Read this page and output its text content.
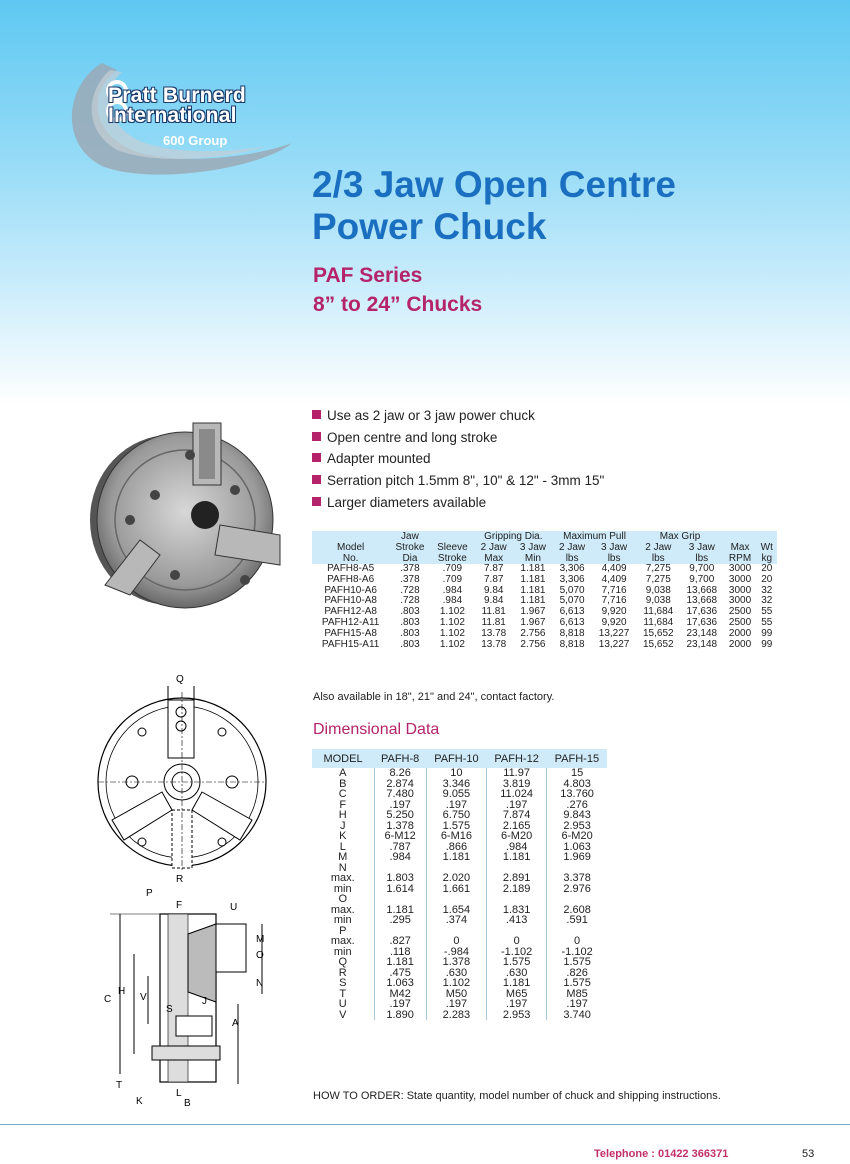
Pratt Burnerd
International
600 Group
2/3 Jaw Open Centre
Power Chuck
PAF Series
8” to 24” Chucks
Use as 2 jaw or 3 jaw power chuck
Open centre and long stroke
Adapter mounted
Serration pitch 1.5mm 8", 10" & 12" - 3mm 15"
Larger diameters available
	Jaw		Gripping Dia.		Maximum Pull		Max Grip			
Model	Stroke	Sleeve	2 Jaw	3 Jaw	2 Jaw	3 Jaw	2 Jaw	3 Jaw	Max	Wt
No.	Dia	Stroke	Max	Min	lbs	lbs	lbs	lbs	RPM	kg
PAFH8-A5	.378	.709	7.87	1.181	3,306	4,409	7,275	9,700	3000	20
PAFH8-A6	.378	.709	7.87	1.181	3,306	4,409	7,275	9,700	3000	20
PAFH10-A6	.728	.984	9.84	1.181	5,070	7,716	9,038	13,668	3000	32
PAFH10-A8	.728	.984	9.84	1.181	5,070	7,716	9,038	13,668	3000	32
PAFH12-A8	.803	1.102	11.81	1.967	6,613	9,920	11,684	17,636	2500	55
PAFH12-A11	.803	1.102	11.81	1.967	6,613	9,920	11,684	17,636	2500	55
PAFH15-A8	.803	1.102	13.78	2.756	8,818	13,227	15,652	23,148	2000	99
PAFH15-A11	.803	1.102	13.78	2.756	8,818	13,227	15,652	23,148	2000	99
Also available in 18", 21" and 24", contact factory.
Q
R
P
F	U
M
O
N
C
H
V
S
J
A
T
K
L
B
Dimensional Data
MODEL	PAFH-8	PAFH-10	PAFH-12	PAFH-15
A	8.26	10	11.97	15
B	2.874	3.346	3.819	4.803
C	7.480	9.055	11.024	13.760
F	.197	.197	.197	.276
H	5.250	6.750	7.874	9.843
J	1.378	1.575	2.165	2.953
K	6-M12	6-M16	6-M20	6-M20
L	.787	.866	.984	1.063
M	.984	1.181	1.181	1.969
N				
max.	1.803	2.020	2.891	3.378
min	1.614	1.661	2.189	2.976
O				
max.	1.181	1.654	1.831	2.608
min	.295	.374	.413	.591
P				
max.	.827	0	0	0
min	.118	-.984	-1.102	-1.102
Q	1.181	1.378	1.575	1.575
R	.475	.630	.630	.826
S	1.063	1.102	1.181	1.575
T	M42	M50	M65	M85
U	.197	.197	.197	.197
V	1.890	2.283	2.953	3.740
HOW TO ORDER: State quantity, model number of chuck and shipping instructions.
Telephone : 01422 366371	53
